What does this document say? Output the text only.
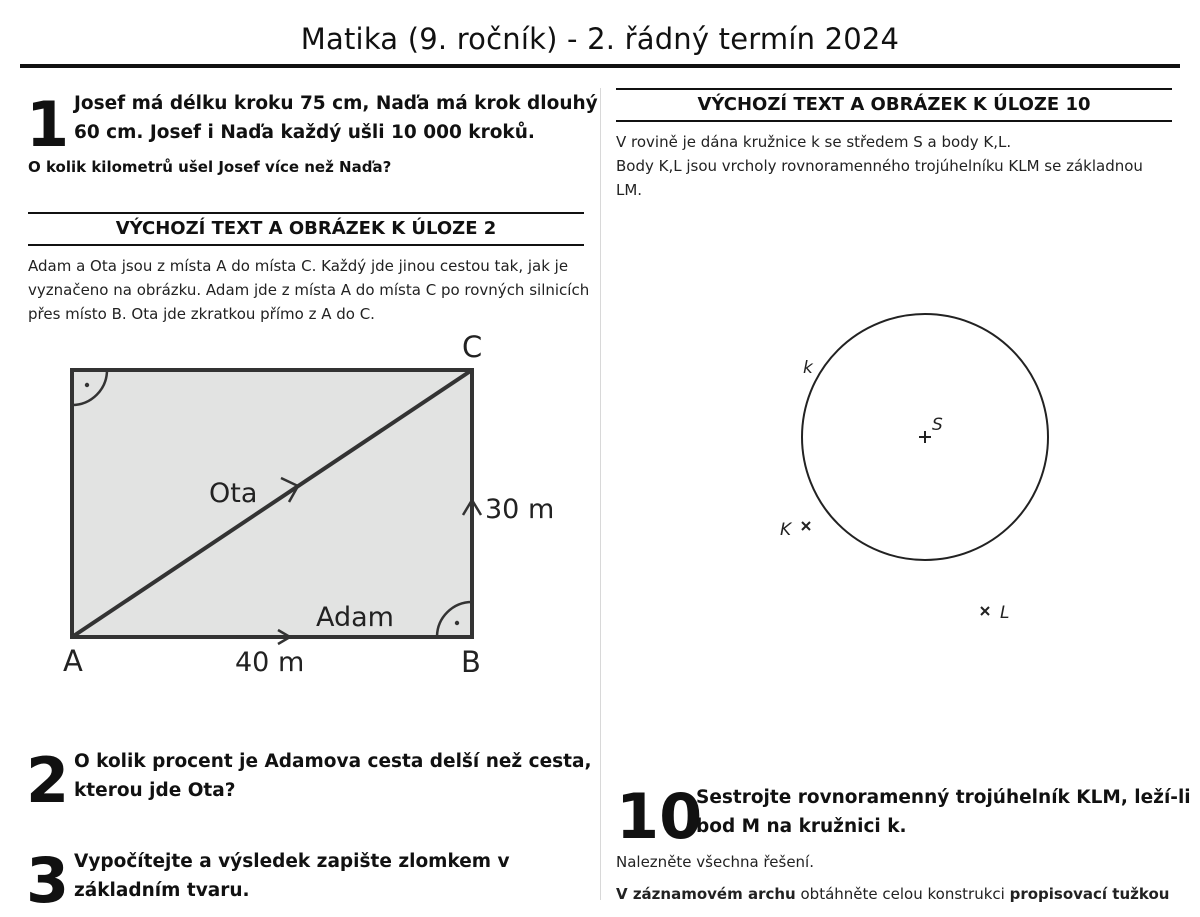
Matika (9. ročník) - 2. řádný termín 2024
1 Josef má délku kroku 75 cm, Naďa má krok dlouhý
60 cm. Josef i Naďa každý ušli 10 000 kroků.
O kolik kilometrů ušel Josef více než Naďa?
VÝCHOZÍ TEXT A OBRÁZEK K ÚLOZE 2
Adam a Ota jsou z místa A do místa C. Každý jde jinou cestou tak, jak je
vyznačeno na obrázku. Adam jde z místa A do místa C po rovných silnicích
přes místo B. Ota jde zkratkou přímo z A do C.
C
A	B
Ota
Adam
40 m
30 m
2 O kolik procent je Adamova cesta delší než cesta,
kterou jde Ota?
3 Vypočítejte a výsledek zapište zlomkem v
základním tvaru.
VÝCHOZÍ TEXT A OBRÁZEK K ÚLOZE 10
V rovině je dána kružnice k se středem S a body K,L.
Body K,L jsou vrcholy rovnoramenného trojúhelníku KLM se základnou
LM.
S
k
K
L
10
Sestrojte rovnoramenný trojúhelník KLM, leží-li
bod M na kružnici k.
Nalezněte všechna řešení.
V záznamovém archu obtáhněte celou konstrukci propisovací tužkou
